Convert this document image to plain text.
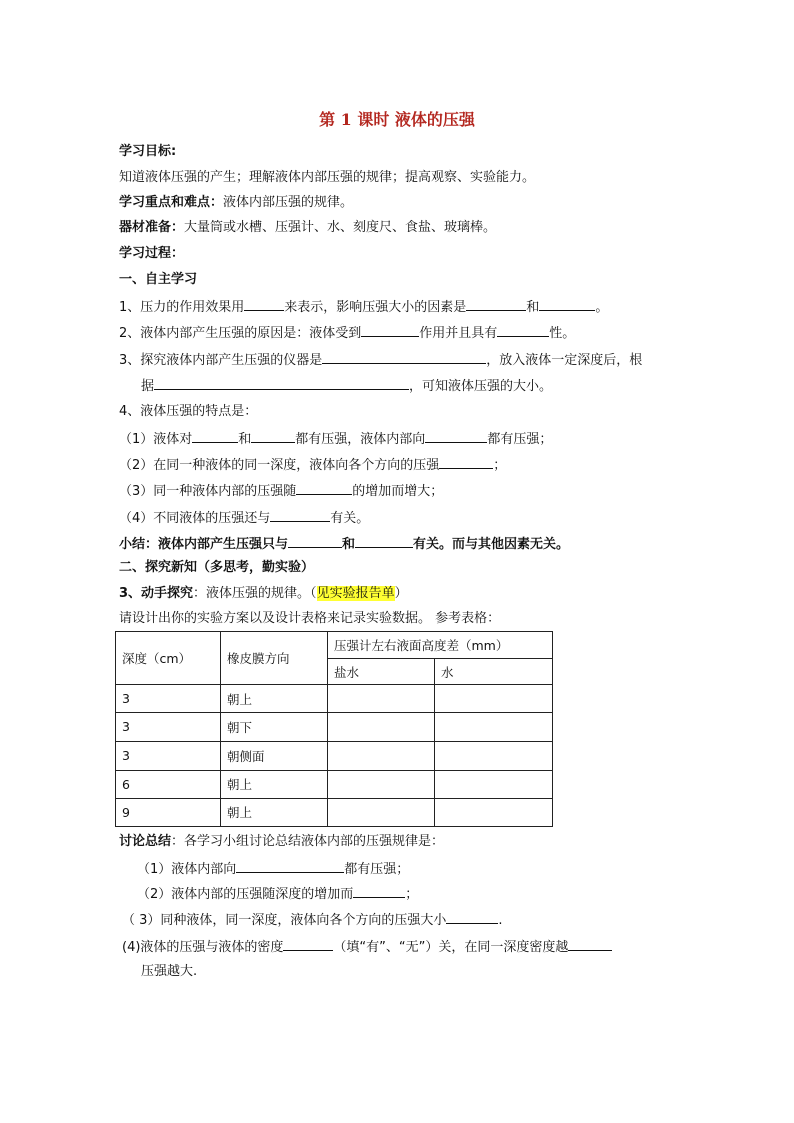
第 1 课时 液体的压强
学习目标:
知道液体压强的产生；理解液体内部压强的规律；提高观察、实验能力。
学习重点和难点：液体内部压强的规律。
器材准备：大量筒或水槽、压强计、水、刻度尺、食盐、玻璃棒。
学习过程：
一、自主学习
1、压力的作用效果用	来表示，影响压强大小的因素是	和	。
2、液体内部产生压强的原因是：液体受到	作用并且具有	性。
3、探究液体内部产生压强的仪器是	，放入液体一定深度后，根
据	，可知液体压强的大小。
4、液体压强的特点是：
（1）液体对	和	都有压强，液体内部向	都有压强；
（2）在同一种液体的同一深度，液体向各个方向的压强	；
（3）同一种液体内部的压强随	的增加而增大；
（4）不同液体的压强还与	有关。
小结：液体内部产生压强只与	和	有关。而与其他因素无关。
二、探究新知（多思考，勤实验）
3、动手探究：液体压强的规律。（见实验报告单）
请设计出你的实验方案以及设计表格来记录实验数据。 参考表格：
深度（cm）	橡皮膜方向	压强计左右液面高度差（mm）	
		盐水	水
3	朝上		
3	朝下		
3	朝侧面		
6	朝上		
9	朝上		
讨论总结：各学习小组讨论总结液体内部的压强规律是：
（1）液体内部向	都有压强；
（2）液体内部的压强随深度的增加而	；
（ 3）同种液体，同一深度，液体向各个方向的压强大小	.
(4)液体的压强与液体的密度	（填“有”、“无”）关，在同一深度密度越
压强越大.
